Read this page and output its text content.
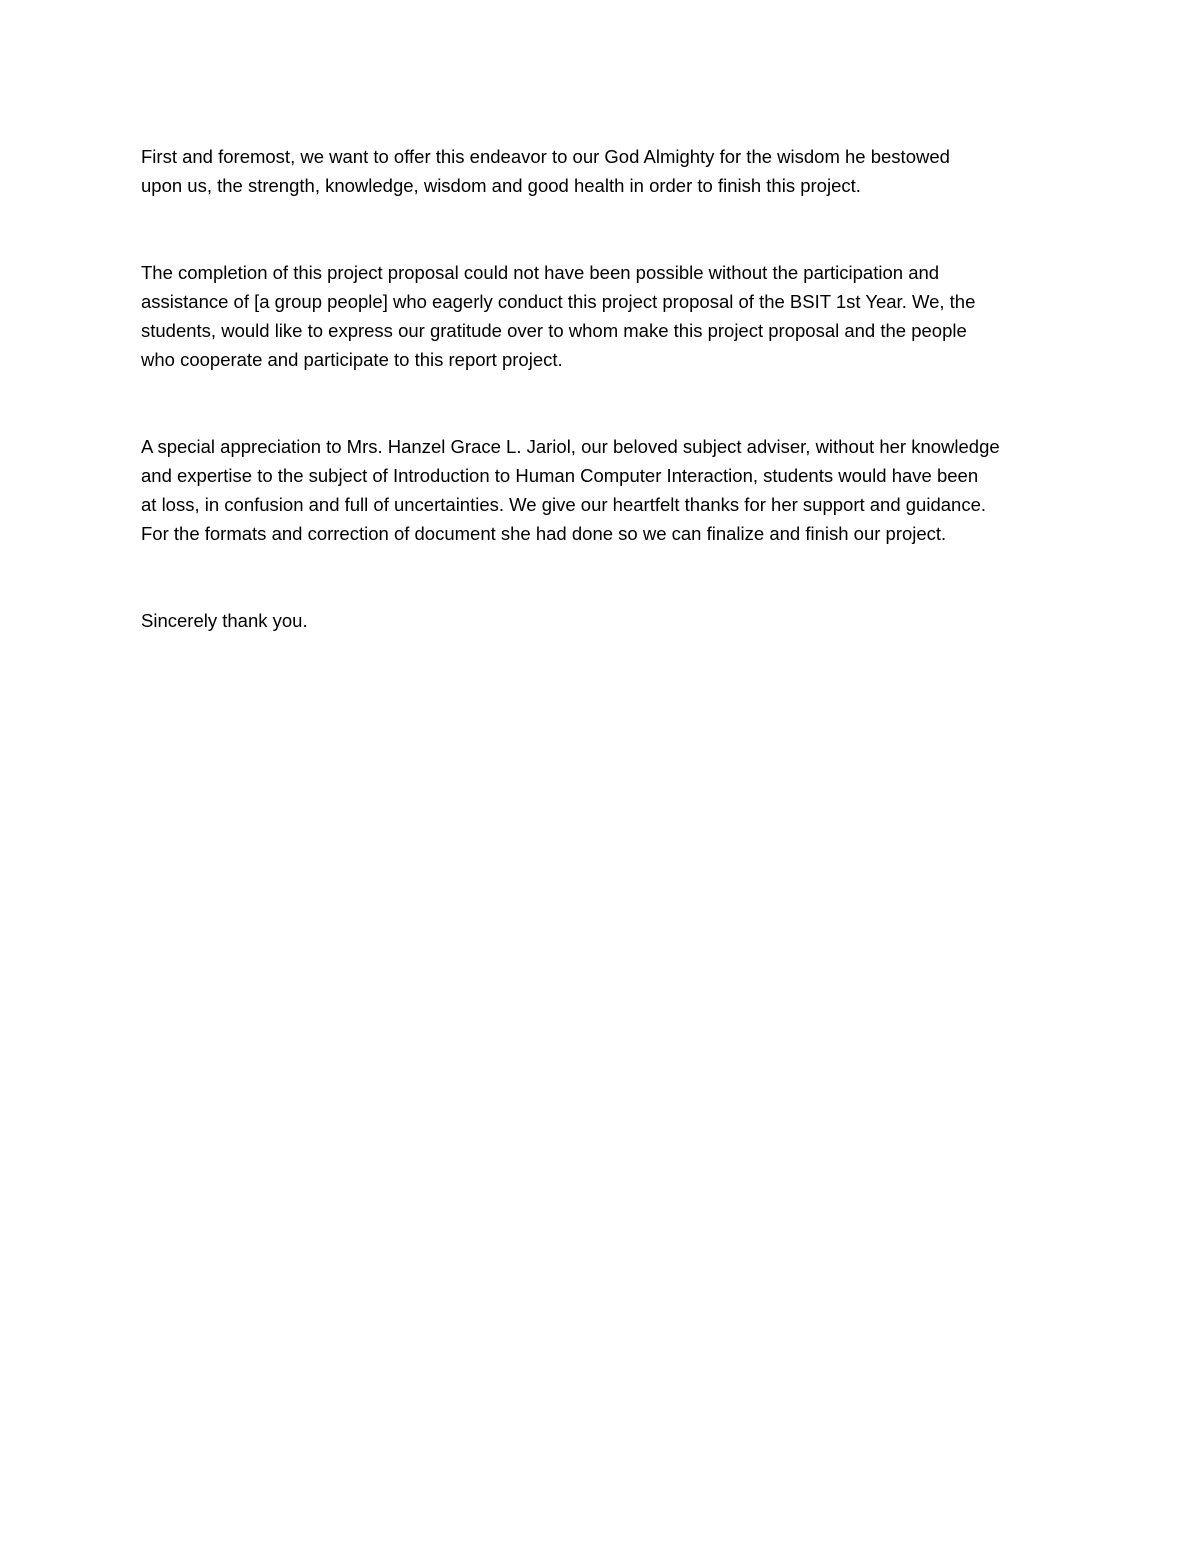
First and foremost, we want to offer this endeavor to our God Almighty for the wisdom he bestowed
upon us, the strength, knowledge, wisdom and good health in order to finish this project.

The completion of this project proposal could not have been possible without the participation and
assistance of [a group people] who eagerly conduct this project proposal of the BSIT 1st Year. We, the
students, would like to express our gratitude over to whom make this project proposal and the people
who cooperate and participate to this report project.

A special appreciation to Mrs. Hanzel Grace L. Jariol, our beloved subject adviser, without her knowledge
and expertise to the subject of Introduction to Human Computer Interaction, students would have been
at loss, in confusion and full of uncertainties. We give our heartfelt thanks for her support and guidance.
For the formats and correction of document she had done so we can finalize and finish our project.

Sincerely thank you.
